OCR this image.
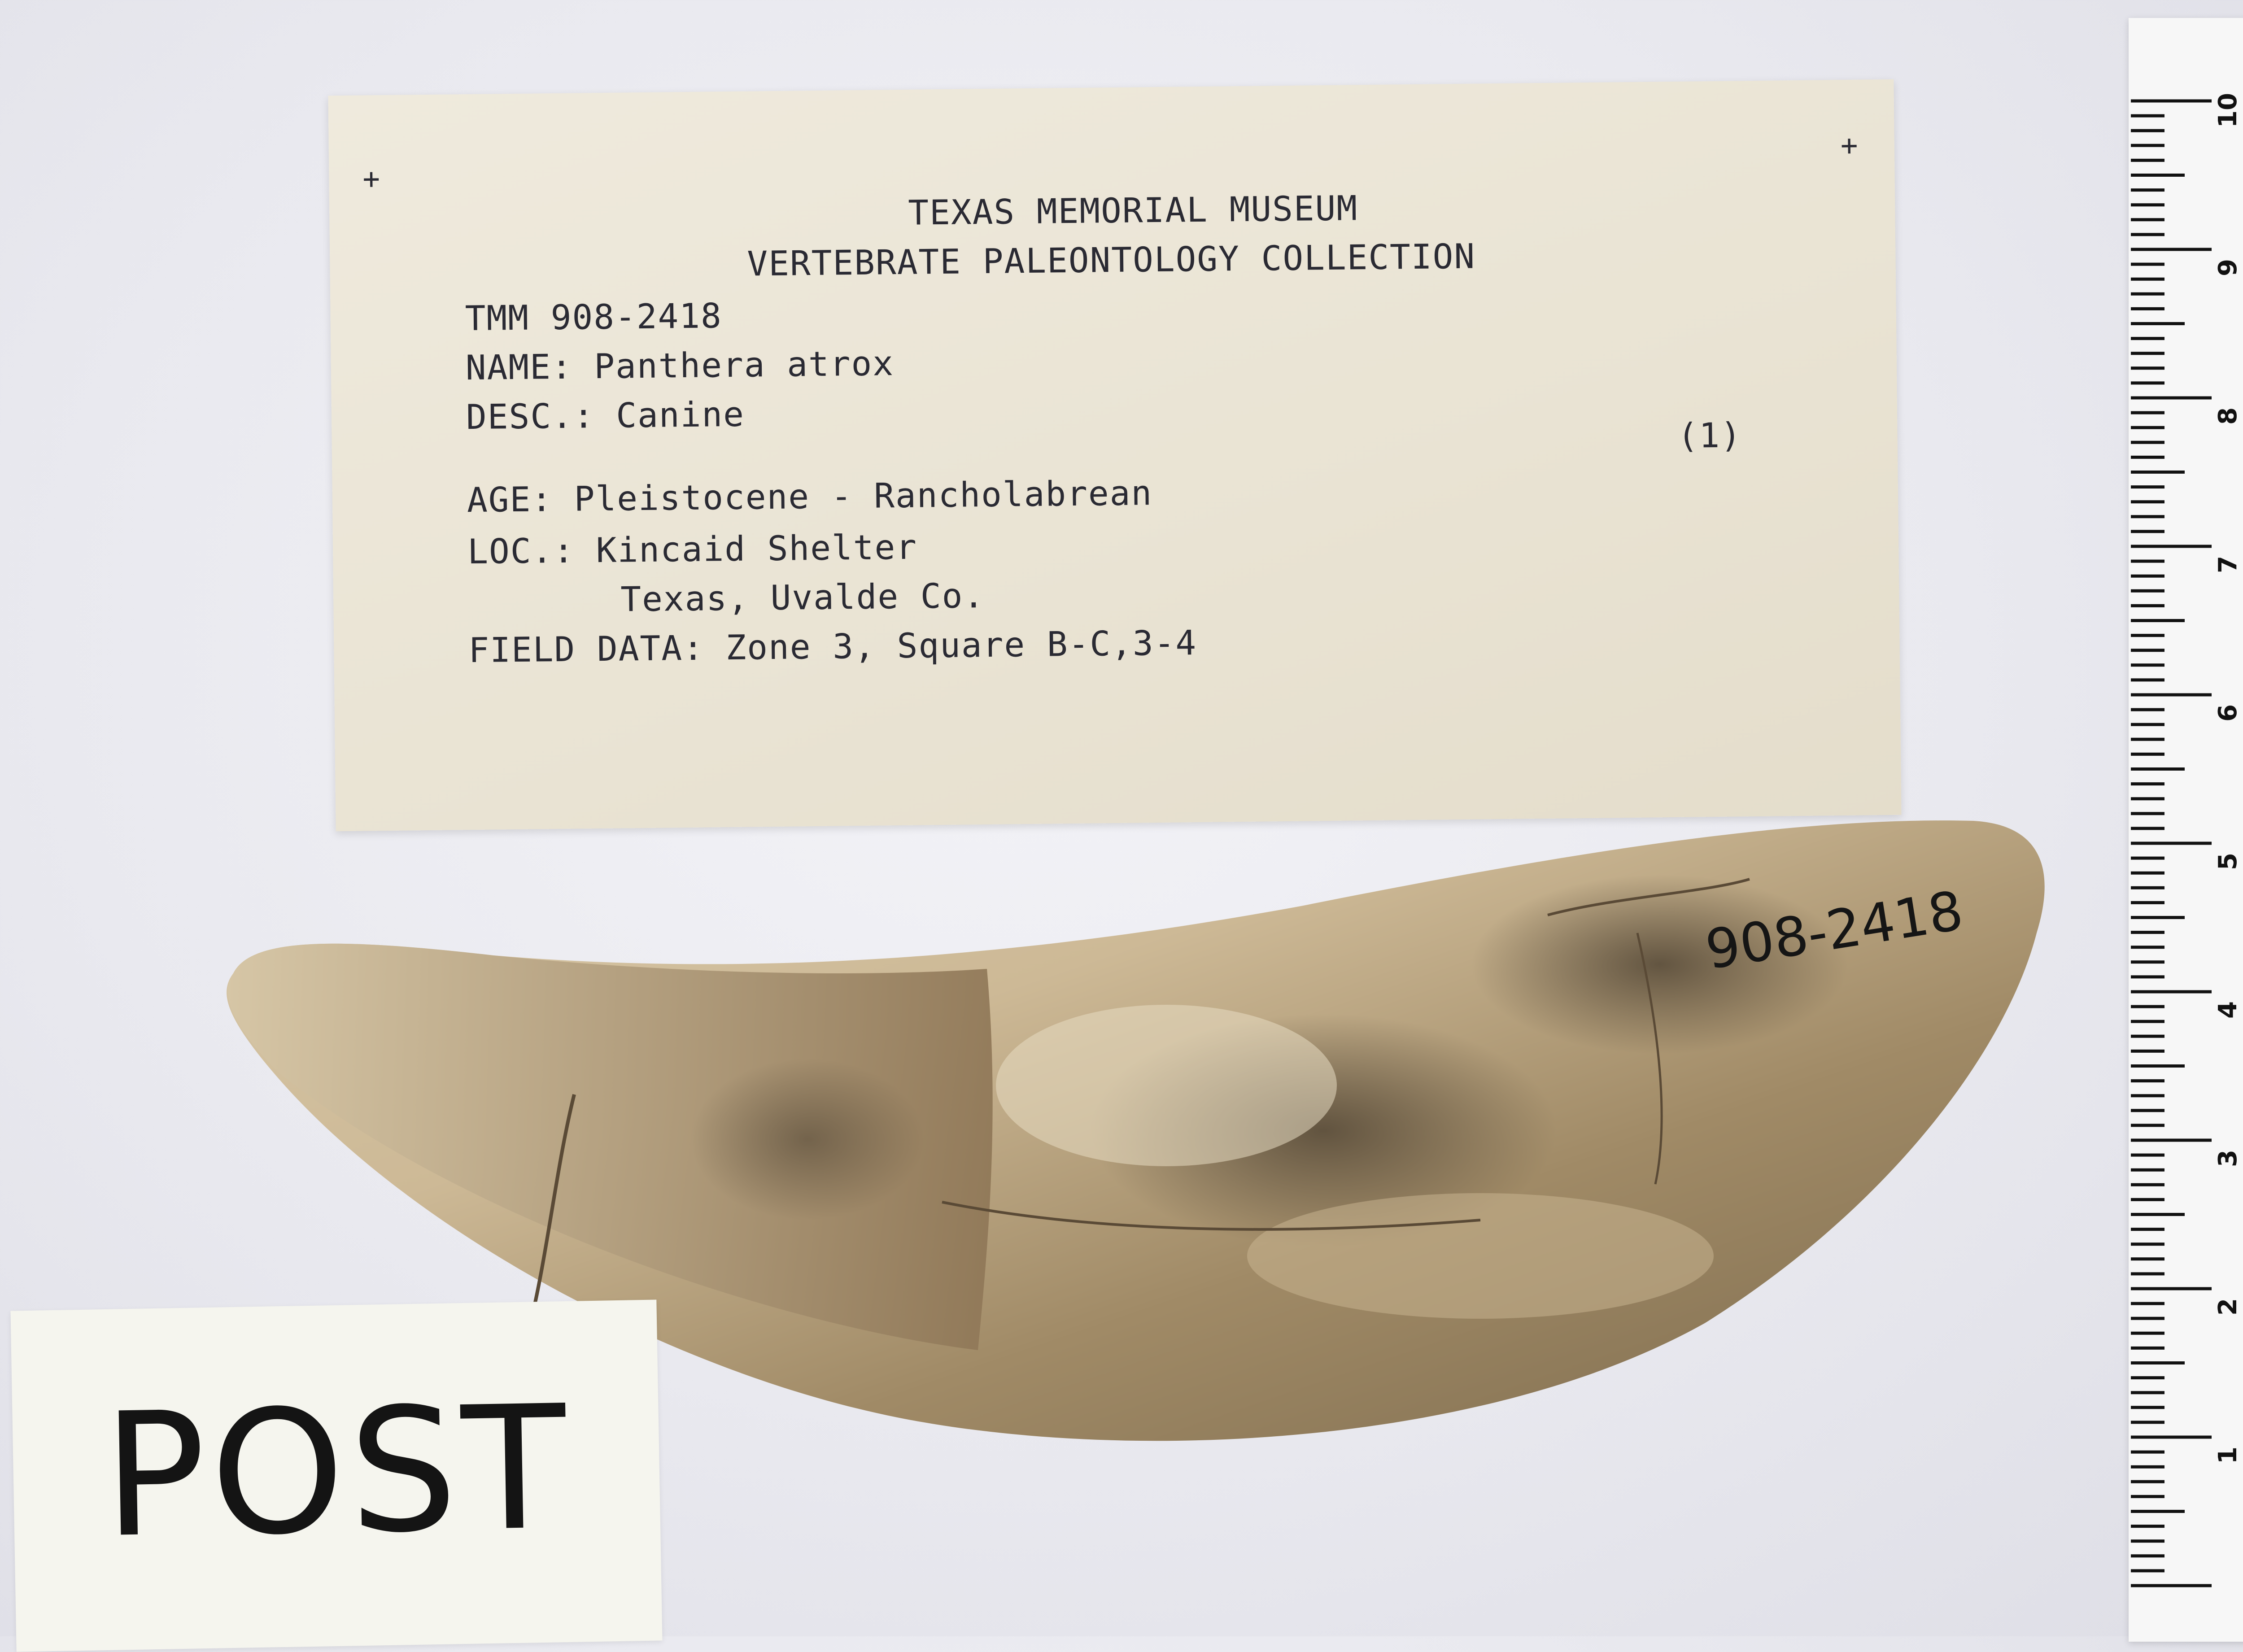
+
+
TEXAS MEMORIAL MUSEUM
VERTEBRATE PALEONTOLOGY COLLECTION
TMM 908-2418
NAME: Panthera atrox
DESC.: Canine	(1)
AGE: Pleistocene - Rancholabrean
LOC.: Kincaid Shelter
Texas, Uvalde Co.
FIELD DATA: Zone 3, Square B-C,3-4
908-2418
POST	1
2
3
4
5
6
7
8
9
10
